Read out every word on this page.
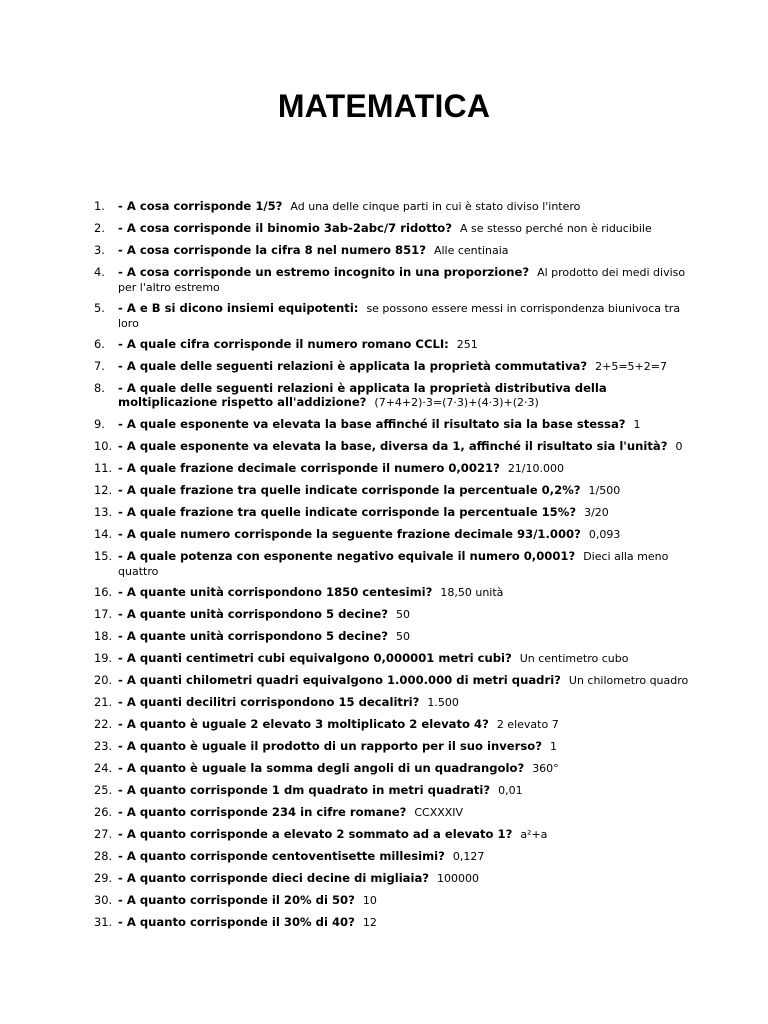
MATEMATICA
1. - A cosa corrisponde 1/5? Ad una delle cinque parti in cui è stato diviso l'intero
2. - A cosa corrisponde il binomio 3ab-2abc/7 ridotto? A se stesso perché non è riducibile
3. - A cosa corrisponde la cifra 8 nel numero 851? Alle centinaia
4. - A cosa corrisponde un estremo incognito in una proporzione? Al prodotto dei medi diviso per l'altro estremo
5. - A e B si dicono insiemi equipotenti: se possono essere messi in corrispondenza biunivoca tra loro
6. - A quale cifra corrisponde il numero romano CCLI: 251
7. - A quale delle seguenti relazioni è applicata la proprietà commutativa? 2+5=5+2=7
8. - A quale delle seguenti relazioni è applicata la proprietà distributiva della moltiplicazione rispetto all'addizione? (7+4+2)·3=(7·3)+(4·3)+(2·3)
9. - A quale esponente va elevata la base affinché il risultato sia la base stessa? 1
10. - A quale esponente va elevata la base, diversa da 1, affinché il risultato sia l'unità? 0
11. - A quale frazione decimale corrisponde il numero 0,0021? 21/10.000
12. - A quale frazione tra quelle indicate corrisponde la percentuale 0,2%? 1/500
13. - A quale frazione tra quelle indicate corrisponde la percentuale 15%? 3/20
14. - A quale numero corrisponde la seguente frazione decimale 93/1.000? 0,093
15. - A quale potenza con esponente negativo equivale il numero 0,0001? Dieci alla meno quattro
16. - A quante unità corrispondono 1850 centesimi? 18,50 unità
17. - A quante unità corrispondono 5 decine? 50
18. - A quante unità corrispondono 5 decine? 50
19. - A quanti centimetri cubi equivalgono 0,000001 metri cubi? Un centimetro cubo
20. - A quanti chilometri quadri equivalgono 1.000.000 di metri quadri? Un chilometro quadro
21. - A quanti decilitri corrispondono 15 decalitri? 1.500
22. - A quanto è uguale 2 elevato 3 moltiplicato 2 elevato 4? 2 elevato 7
23. - A quanto è uguale il prodotto di un rapporto per il suo inverso? 1
24. - A quanto è uguale la somma degli angoli di un quadrangolo? 360°
25. - A quanto corrisponde 1 dm quadrato in metri quadrati? 0,01
26. - A quanto corrisponde 234 in cifre romane? CCXXXIV
27. - A quanto corrisponde a elevato 2 sommato ad a elevato 1? a²+a
28. - A quanto corrisponde centoventisette millesimi? 0,127
29. - A quanto corrisponde dieci decine di migliaia? 100000
30. - A quanto corrisponde il 20% di 50? 10
31. - A quanto corrisponde il 30% di 40? 12
